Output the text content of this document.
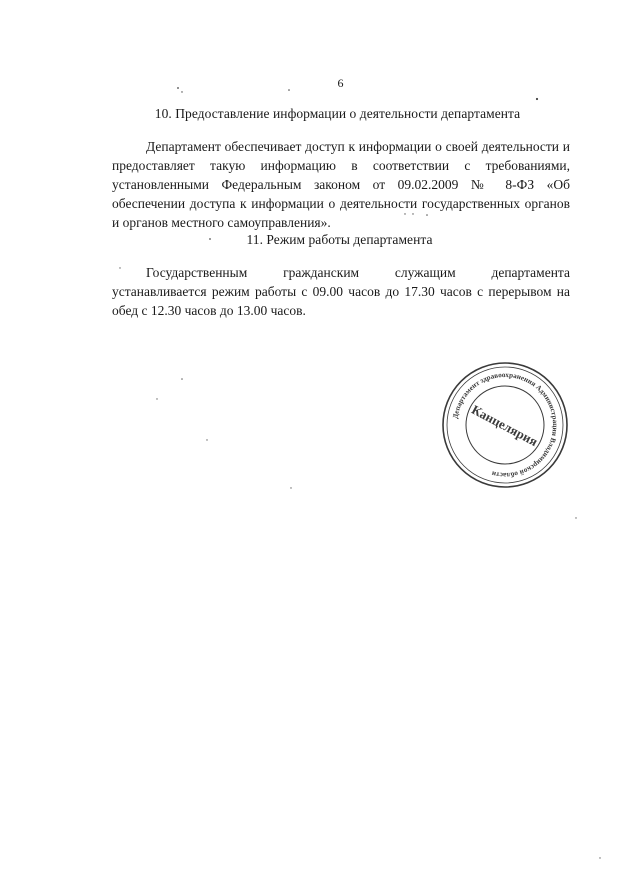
6
10. Предоставление информации о деятельности департамента
Департамент обеспечивает доступ к информации о своей деятельности и предоставляет такую информацию в соответствии с требованиями, установленными Федеральным законом от 09.02.2009 № 8-ФЗ «Об обеспечении доступа к информации о деятельности государственных органов и органов местного самоуправления».
11. Режим работы департамента
Государственным гражданским служащим департамента устанавливается режим работы с 09.00 часов до 17.30 часов с перерывом на обед с 12.30 часов до 13.00 часов.
Департамент здравоохранения Администрации Владимирской области
Канцелярия
